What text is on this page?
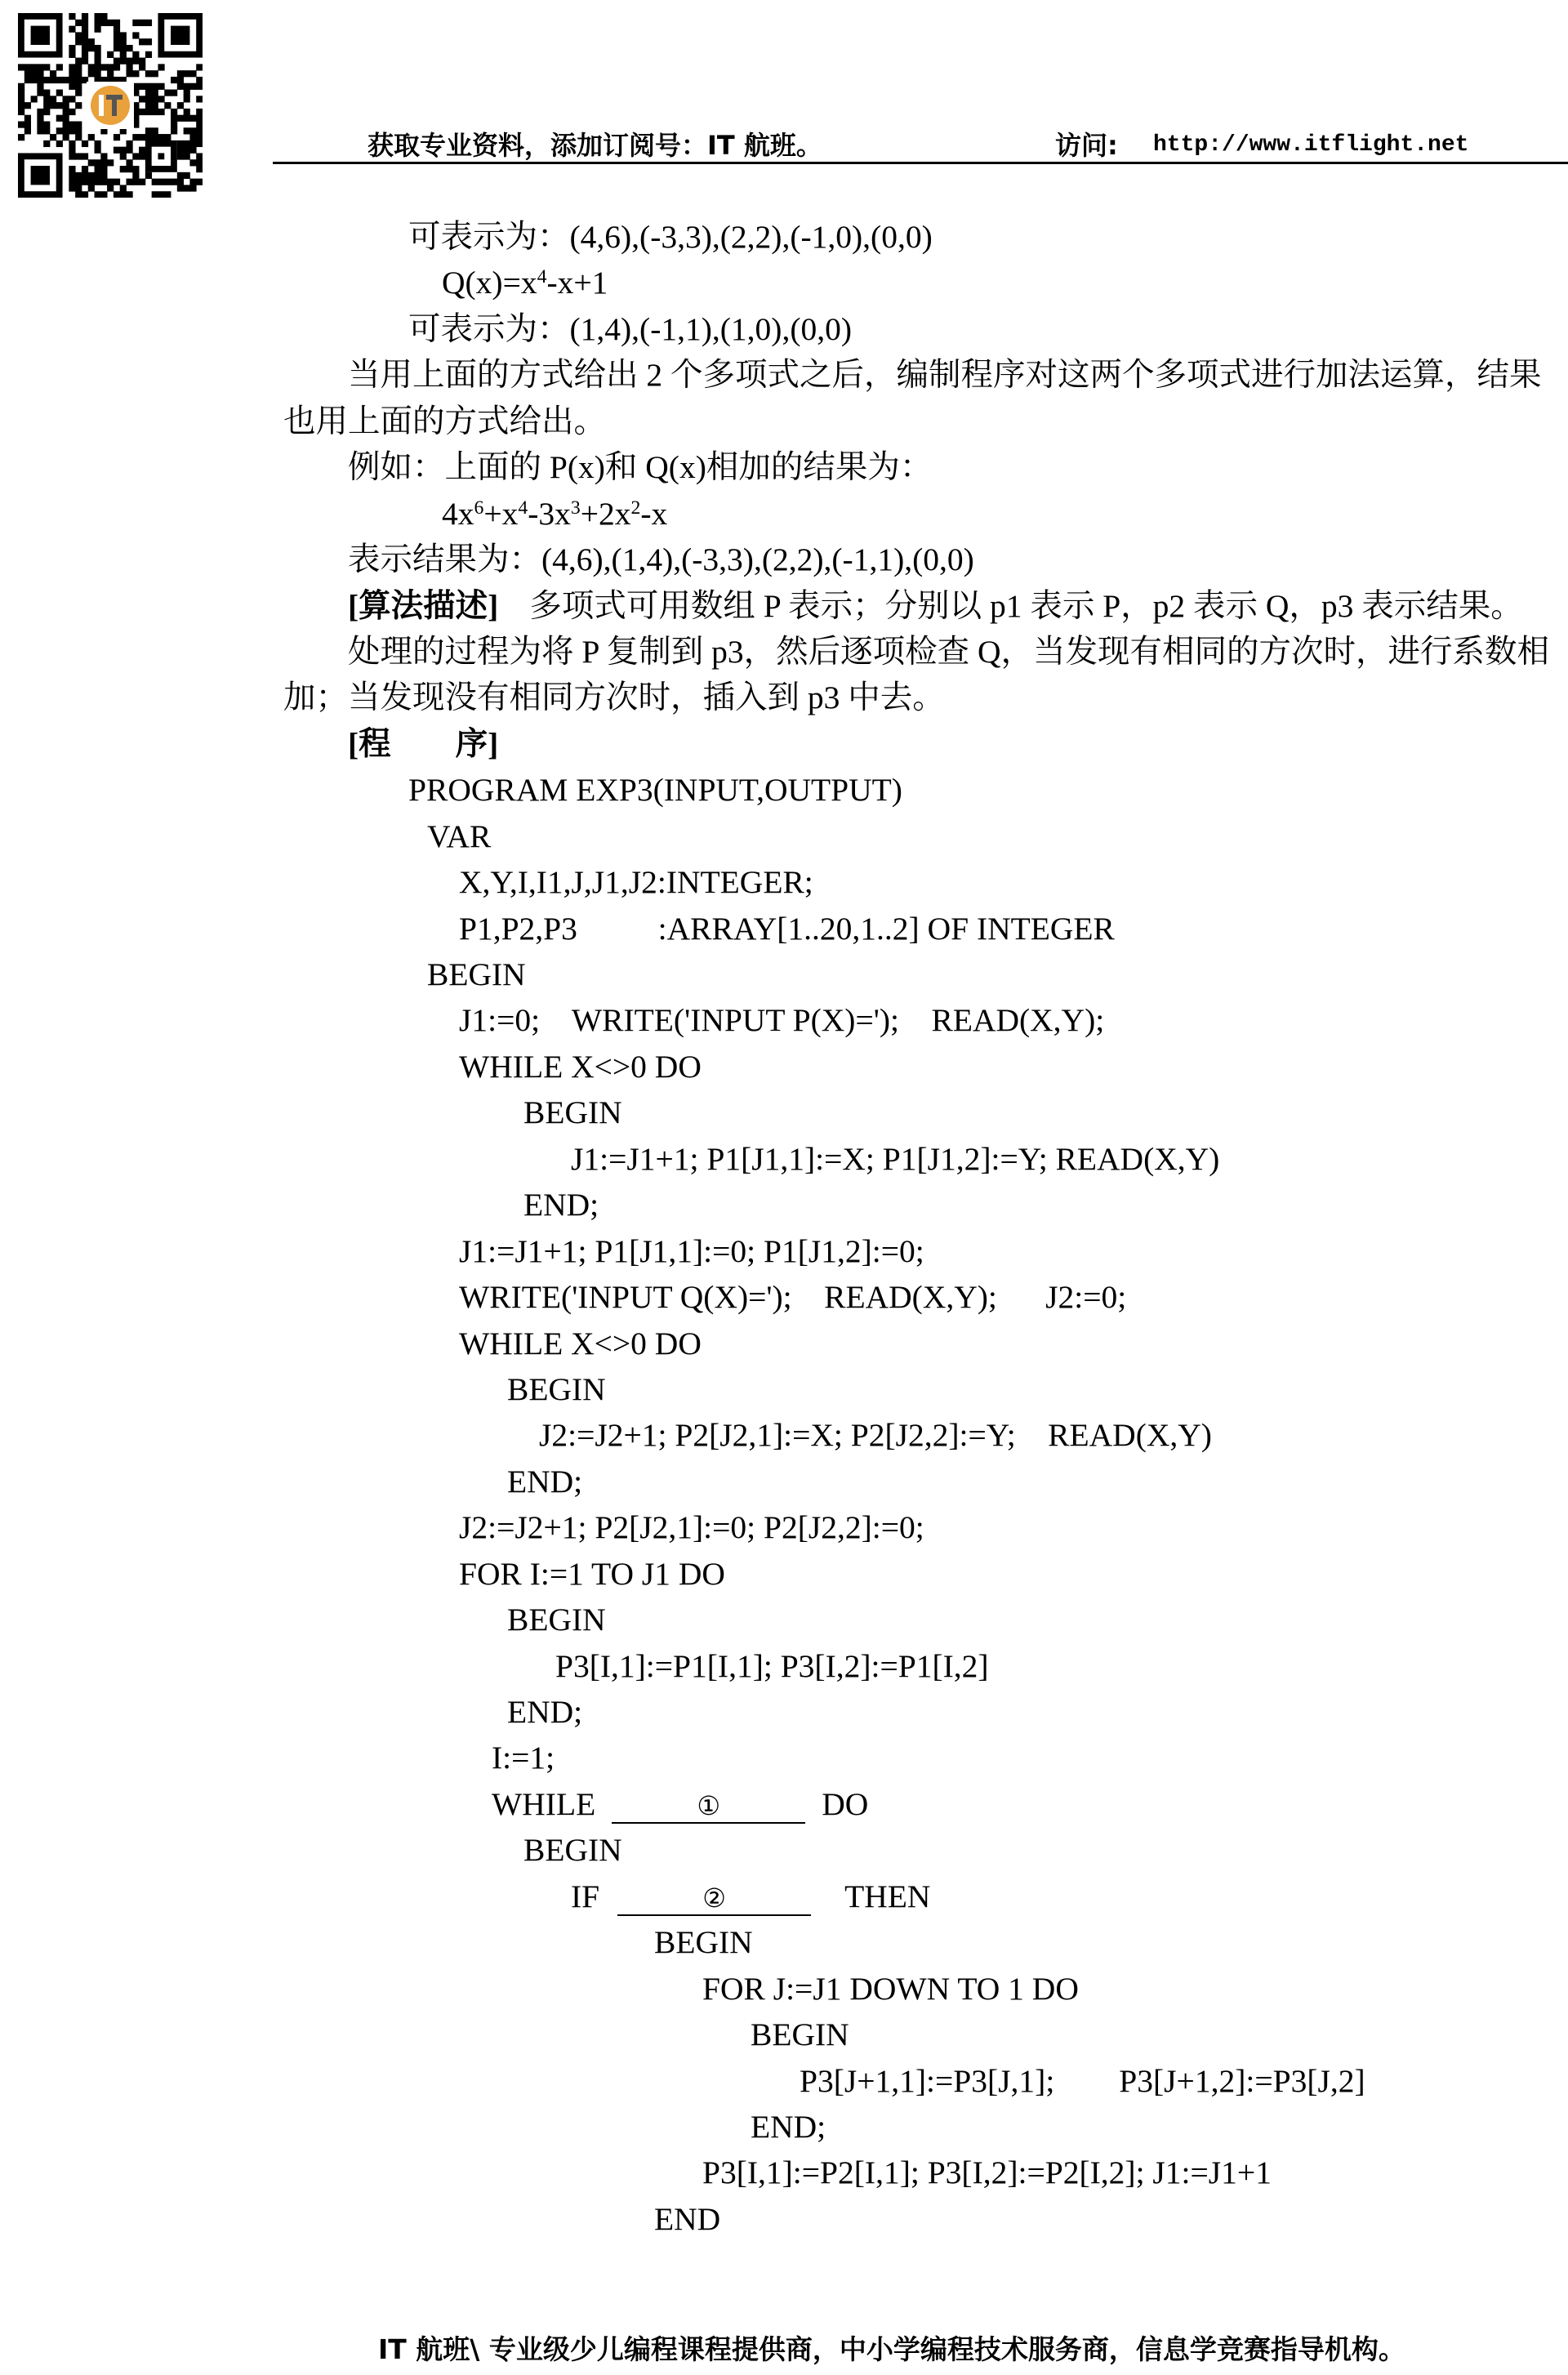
获取专业资料，添加订阅号：IT 航班。	访问: http://www.itflight.net
可表示为：(4,6),(-3,3),(2,2),(-1,0),(0,0)
$Q(x)=x^4-x+1$
可表示为：(1,4),(-1,1),(1,0),(0,0)
当用上面的方式给出 2 个多项式之后，编制程序对这两个多项式进行加法运算，结果
也用上面的方式给出。
例如：上面的 P(x)和 Q(x)相加的结果为：
$4x^6+x^4-3x^3+2x^2-x$
表示结果为：(4,6),(1,4),(-3,3),(2,2),(-1,1),(0,0)
[算法描述] 多项式可用数组 P 表示；分别以 p1 表示 P，p2 表示 Q，p3 表示结果。
处理的过程为将 P 复制到 p3，然后逐项检查 Q，当发现有相同的方次时，进行系数相
加；当发现没有相同方次时，插入到 p3 中去。
[程　　序]
PROGRAM EXP3(INPUT,OUTPUT)
VAR
X,Y,I,I1,J,J1,J2:INTEGER;
P1,P2,P3          :ARRAY[1..20,1..2] OF INTEGER
BEGIN
J1:=0;    WRITE('INPUT P(X)=');    READ(X,Y);
WHILE X<>0 DO
BEGIN
J1:=J1+1; P1[J1,1]:=X; P1[J1,2]:=Y; READ(X,Y)
END;
J1:=J1+1; P1[J1,1]:=0; P1[J1,2]:=0;
WRITE('INPUT Q(X)=');    READ(X,Y);      J2:=0;
WHILE X<>0 DO
BEGIN
J2:=J2+1; P2[J2,1]:=X; P2[J2,2]:=Y;    READ(X,Y)
END;
J2:=J2+1; P2[J2,1]:=0; P2[J2,2]:=0;
FOR I:=1 TO J1 DO
BEGIN
P3[I,1]:=P1[I,1]; P3[I,2]:=P1[I,2]
END;
I:=1;
WHILE	①	DO
BEGIN
IF	②	THEN
BEGIN
FOR J:=J1 DOWN TO 1 DO
BEGIN
P3[J+1,1]:=P3[J,1];        P3[J+1,2]:=P3[J,2]
END;
P3[I,1]:=P2[I,1]; P3[I,2]:=P2[I,2]; J1:=J1+1
END
IT 航班\ 专业级少儿编程课程提供商，中小学编程技术服务商，信息学竞赛指导机构。
